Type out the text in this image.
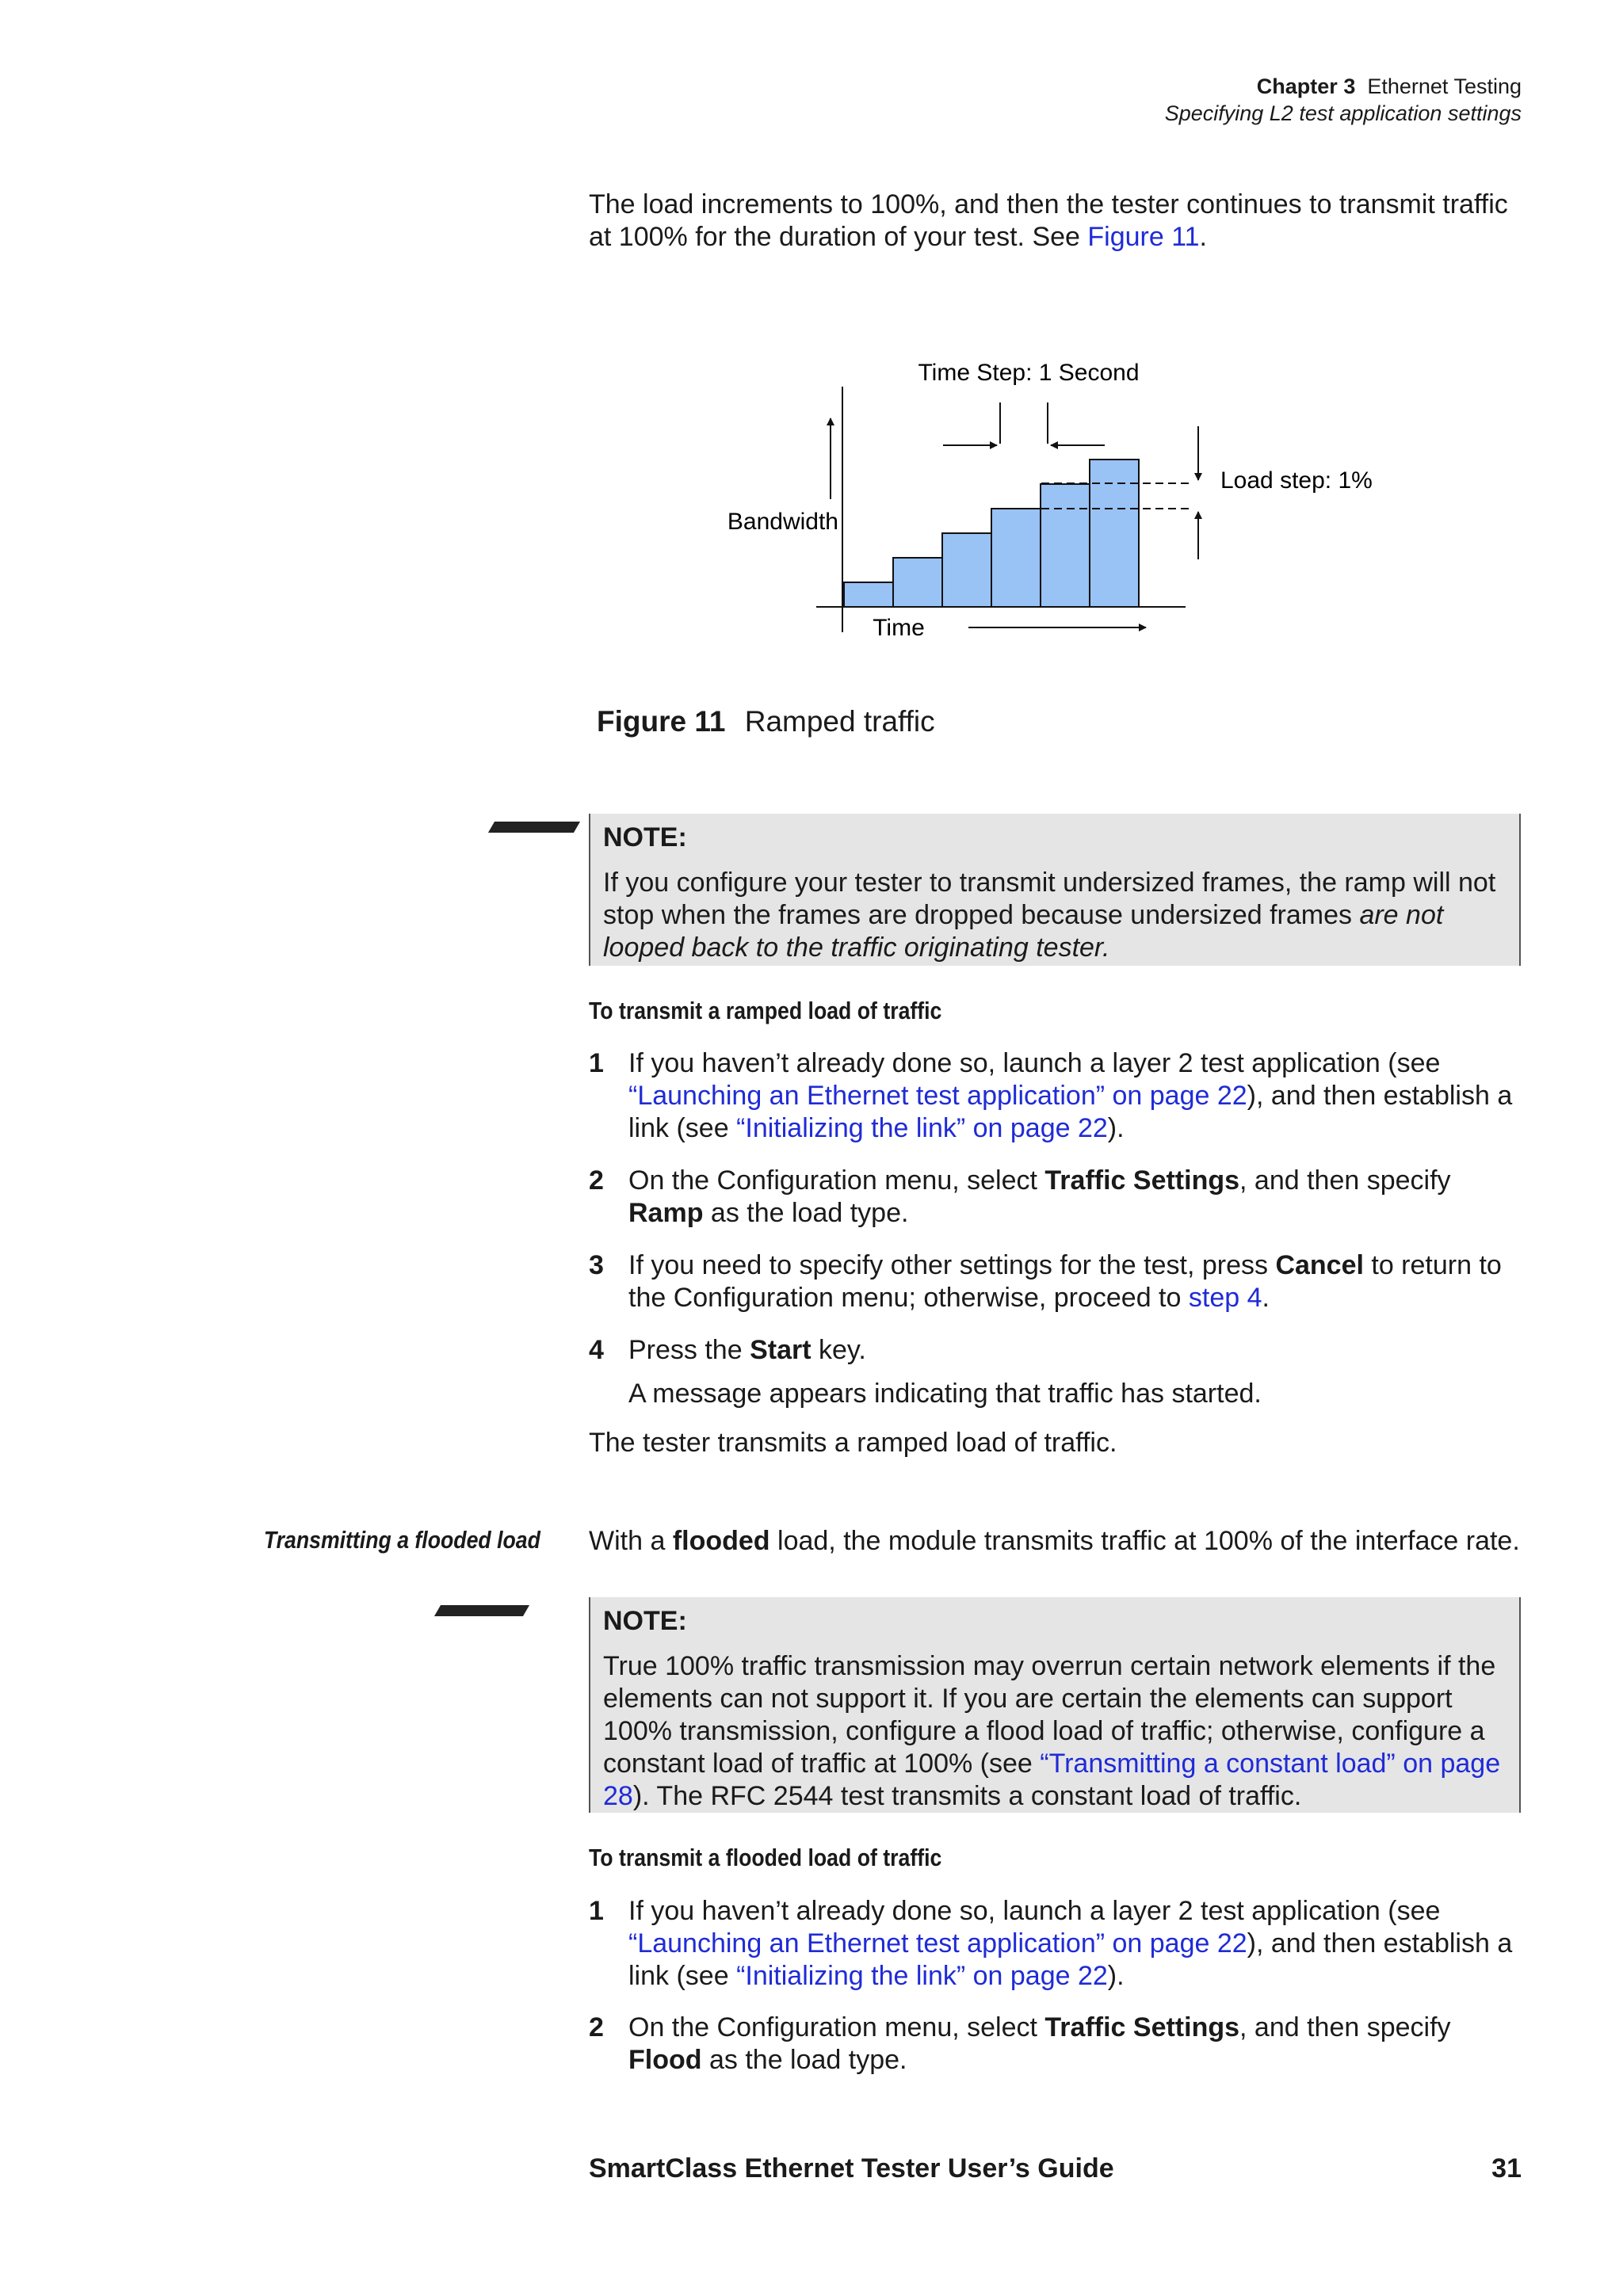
Chapter 3 Ethernet Testing
Specifying L2 test application settings
The load increments to 100%, and then the tester continues to transmit traffic at 100% for the duration of your test. See Figure 11.
Time Step: 1 Second
Bandwidth
Time
Load step: 1%
Figure 11 Ramped traffic
NOTE:
If you configure your tester to transmit undersized frames, the ramp will not stop when the frames are dropped because undersized frames are not looped back to the traffic originating tester.
To transmit a ramped load of traffic
1 If you haven’t already done so, launch a layer 2 test application (see “Launching an Ethernet test application” on page 22), and then establish a link (see “Initializing the link” on page 22).
2 On the Configuration menu, select Traffic Settings, and then specify Ramp as the load type.
3 If you need to specify other settings for the test, press Cancel to return to the Configuration menu; otherwise, proceed to step 4.
4 Press the Start key.
A message appears indicating that traffic has started.
The tester transmits a ramped load of traffic.
Transmitting a flooded load With a flooded load, the module transmits traffic at 100% of the interface rate.
NOTE:
True 100% traffic transmission may overrun certain network elements if the elements can not support it. If you are certain the elements can support 100% transmission, configure a flood load of traffic; otherwise, configure a constant load of traffic at 100% (see “Transmitting a constant load” on page 28). The RFC 2544 test transmits a constant load of traffic.
To transmit a flooded load of traffic
1 If you haven’t already done so, launch a layer 2 test application (see “Launching an Ethernet test application” on page 22), and then establish a link (see “Initializing the link” on page 22).
2 On the Configuration menu, select Traffic Settings, and then specify Flood as the load type.
SmartClass Ethernet Tester User’s Guide	31
